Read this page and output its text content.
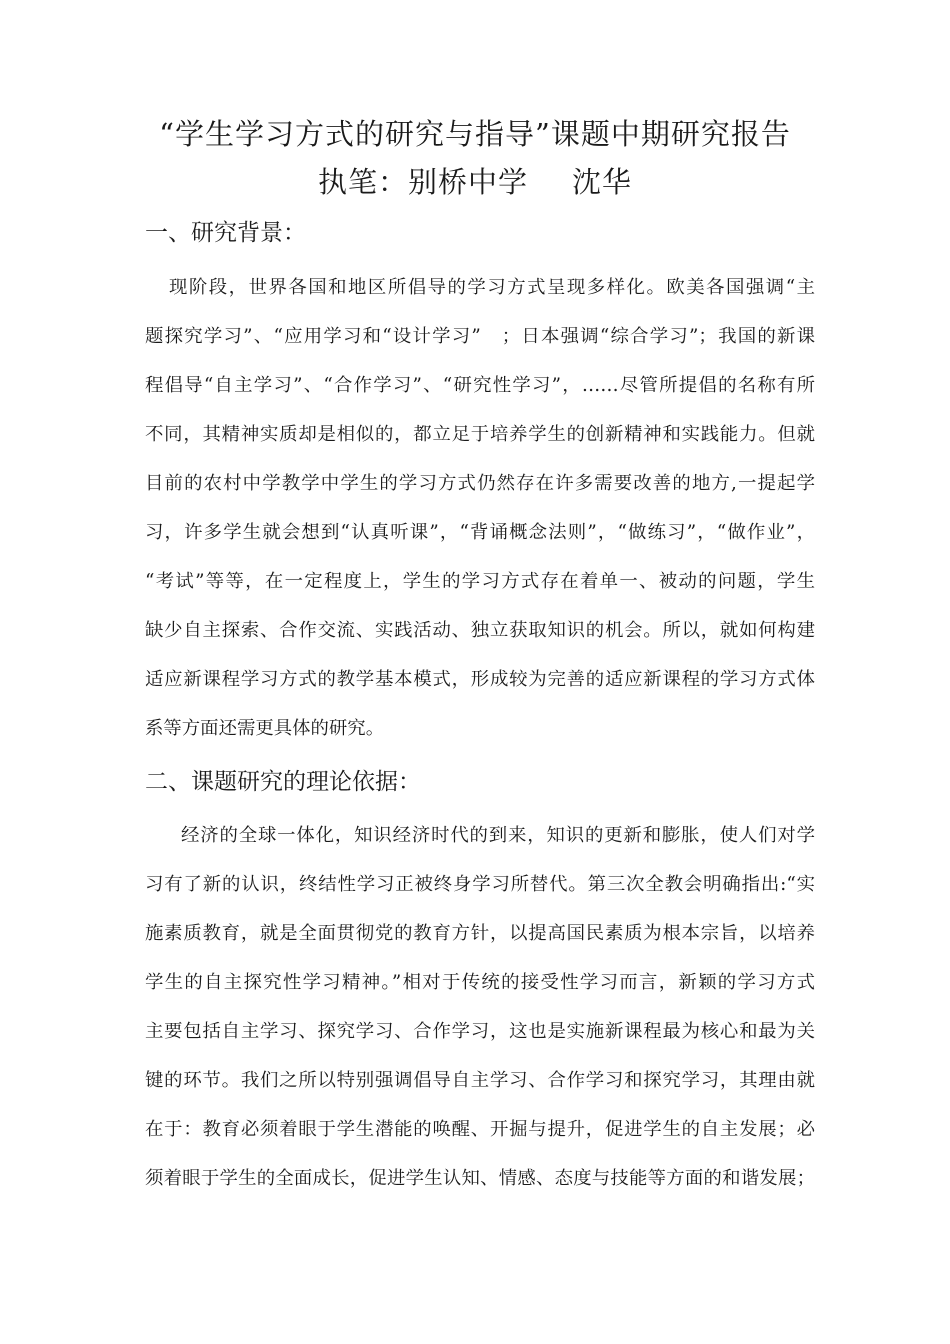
“学生学习方式的研究与指导”课题中期研究报告
执笔：别桥中学 沈华
一、研究背景：
现阶段，世界各国和地区所倡导的学习方式呈现多样化。欧美各国强调“主
题探究学习”、“应用学习和“设计学习”　；日本强调“综合学习”；我国的新课
程倡导“自主学习”、“合作学习”、“研究性学习”，……尽管所提倡的名称有所
不同，其精神实质却是相似的，都立足于培养学生的创新精神和实践能力。但就
目前的农村中学教学中学生的学习方式仍然存在许多需要改善的地方,一提起学
习，许多学生就会想到“认真听课”，“背诵概念法则”，“做练习”，“做作业”，
“考试”等等，在一定程度上，学生的学习方式存在着单一、被动的问题，学生
缺少自主探索、合作交流、实践活动、独立获取知识的机会。所以，就如何构建
适应新课程学习方式的教学基本模式，形成较为完善的适应新课程的学习方式体
系等方面还需更具体的研究。
二、课题研究的理论依据：
经济的全球一体化，知识经济时代的到来，知识的更新和膨胀，使人们对学
习有了新的认识，终结性学习正被终身学习所替代。第三次全教会明确指出:“实
施素质教育，就是全面贯彻党的教育方针，以提高国民素质为根本宗旨，以培养
学生的自主探究性学习精神。”相对于传统的接受性学习而言，新颖的学习方式
主要包括自主学习、探究学习、合作学习，这也是实施新课程最为核心和最为关
键的环节。我们之所以特别强调倡导自主学习、合作学习和探究学习，其理由就
在于：教育必须着眼于学生潜能的唤醒、开掘与提升，促进学生的自主发展；必
须着眼于学生的全面成长，促进学生认知、情感、态度与技能等方面的和谐发展；
